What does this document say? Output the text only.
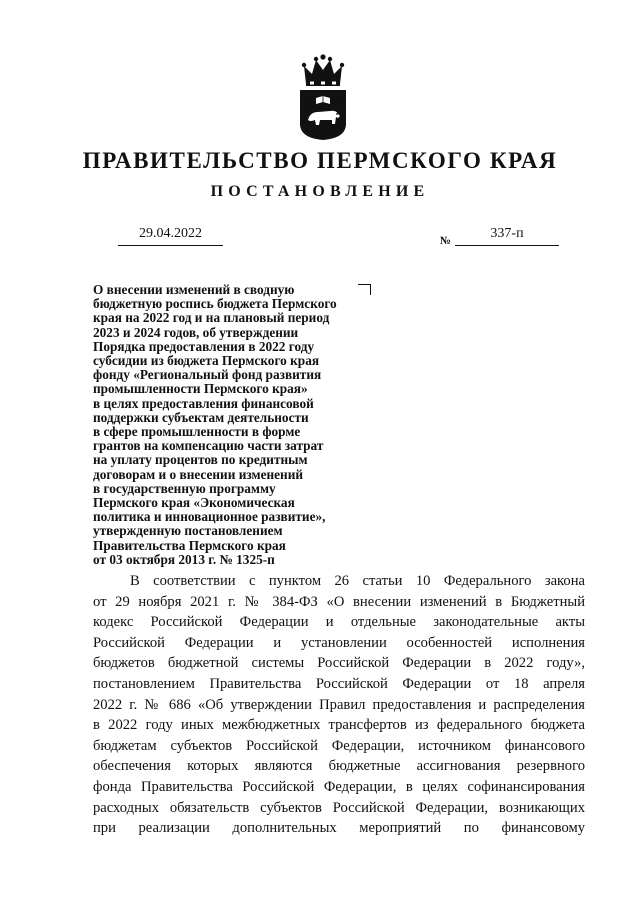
ПРАВИТЕЛЬСТВО ПЕРМСКОГО КРАЯ
ПОСТАНОВЛЕНИЕ
29.04.2022	№	337-п
О внесении изменений в сводную
бюджетную роспись бюджета Пермского
края на 2022 год и на плановый период
2023 и 2024 годов, об утверждении
Порядка предоставления в 2022 году
субсидии из бюджета Пермского края
фонду «Региональный фонд развития
промышленности Пермского края»
в целях предоставления финансовой
поддержки субъектам деятельности
в сфере промышленности в форме
грантов на компенсацию части затрат
на уплату процентов по кредитным
договорам и о внесении изменений
в государственную программу
Пермского края «Экономическая
политика и инновационное развитие»,
утвержденную постановлением
Правительства Пермского края
от 03 октября 2013 г. № 1325-п
В соответствии с пунктом 26 статьи 10 Федерального закона
от 29 ноября 2021 г. № 384-ФЗ «О внесении изменений в Бюджетный
кодекс Российской Федерации и отдельные законодательные акты
Российской Федерации и установлении особенностей исполнения
бюджетов бюджетной системы Российской Федерации в 2022 году»,
постановлением Правительства Российской Федерации от 18 апреля
2022 г. № 686 «Об утверждении Правил предоставления и распределения
в 2022 году иных межбюджетных трансфертов из федерального бюджета
бюджетам субъектов Российской Федерации, источником финансового
обеспечения которых являются бюджетные ассигнования резервного
фонда Правительства Российской Федерации, в целях софинансирования
расходных обязательств субъектов Российской Федерации, возникающих
при реализации дополнительных мероприятий по финансовому
